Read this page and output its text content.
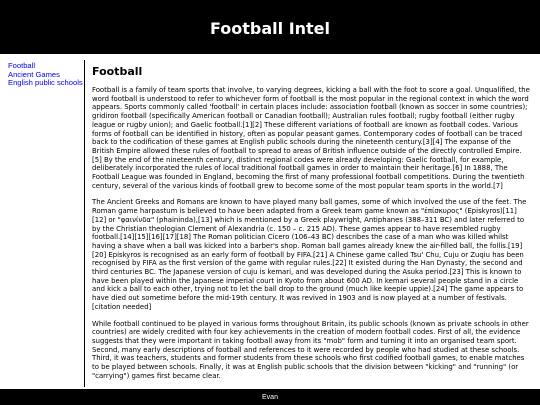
Football Intel
Football
Ancient Games
English public schools
Football

Football is a family of team sports that involve, to varying degrees, kicking a ball with the foot to score a goal. Unqualified, the word football is understood to refer to whichever form of football is the most popular in the regional context in which the word appears. Sports commonly called 'football' in certain places include: association football (known as soccer in some countries); gridiron football (specifically American football or Canadian football); Australian rules football; rugby football (either rugby league or rugby union); and Gaelic football.[1][2] These different variations of football are known as football codes. Various forms of football can be identified in history, often as popular peasant games. Contemporary codes of football can be traced back to the codification of these games at English public schools during the nineteenth century.[3][4] The expanse of the British Empire allowed these rules of football to spread to areas of British influence outside of the directly controlled Empire.[5] By the end of the nineteenth century, distinct regional codes were already developing: Gaelic football, for example, deliberately incorporated the rules of local traditional football games in order to maintain their heritage.[6] In 1888, The Football League was founded in England, becoming the first of many professional football competitions. During the twentieth century, several of the various kinds of football grew to become some of the most popular team sports in the world.[7]

The Ancient Greeks and Romans are known to have played many ball games, some of which involved the use of the feet. The Roman game harpastum is believed to have been adapted from a Greek team game known as "ἐπίσκυρος" (Episkyros)[11][12] or "φαινίνδα" (phaininda),[13] which is mentioned by a Greek playwright, Antiphanes (388–311 BC) and later referred to by the Christian theologian Clement of Alexandria (c. 150 – c. 215 AD). These games appear to have resembled rugby football.[14][15][16][17][18] The Roman politician Cicero (106–43 BC) describes the case of a man who was killed whilst having a shave when a ball was kicked into a barber's shop. Roman ball games already knew the air-filled ball, the follis.[19][20] Episkyros is recognised as an early form of football by FIFA.[21] A Chinese game called Tsu' Chu, Cuju or Zuqiu has been recognised by FIFA as the first version of the game with regular rules.[22] It existed during the Han Dynasty, the second and third centuries BC. The Japanese version of cuju is kemari, and was developed during the Asuka period.[23] This is known to have been played within the Japanese imperial court in Kyoto from about 600 AD. In kemari several people stand in a circle and kick a ball to each other, trying not to let the ball drop to the ground (much like keepie uppie).[24] The game appears to have died out sometime before the mid-19th century. It was revived in 1903 and is now played at a number of festivals.[citation needed]

While football continued to be played in various forms throughout Britain, its public schools (known as private schools in other countries) are widely credited with four key achievements in the creation of modern football codes. First of all, the evidence suggests that they were important in taking football away from its "mob" form and turning it into an organised team sport. Second, many early descriptions of football and references to it were recorded by people who had studied at these schools. Third, it was teachers, students and former students from these schools who first codified football games, to enable matches to be played between schools. Finally, it was at English public schools that the division between "kicking" and "running" (or "carrying") games first became clear.

Evan
